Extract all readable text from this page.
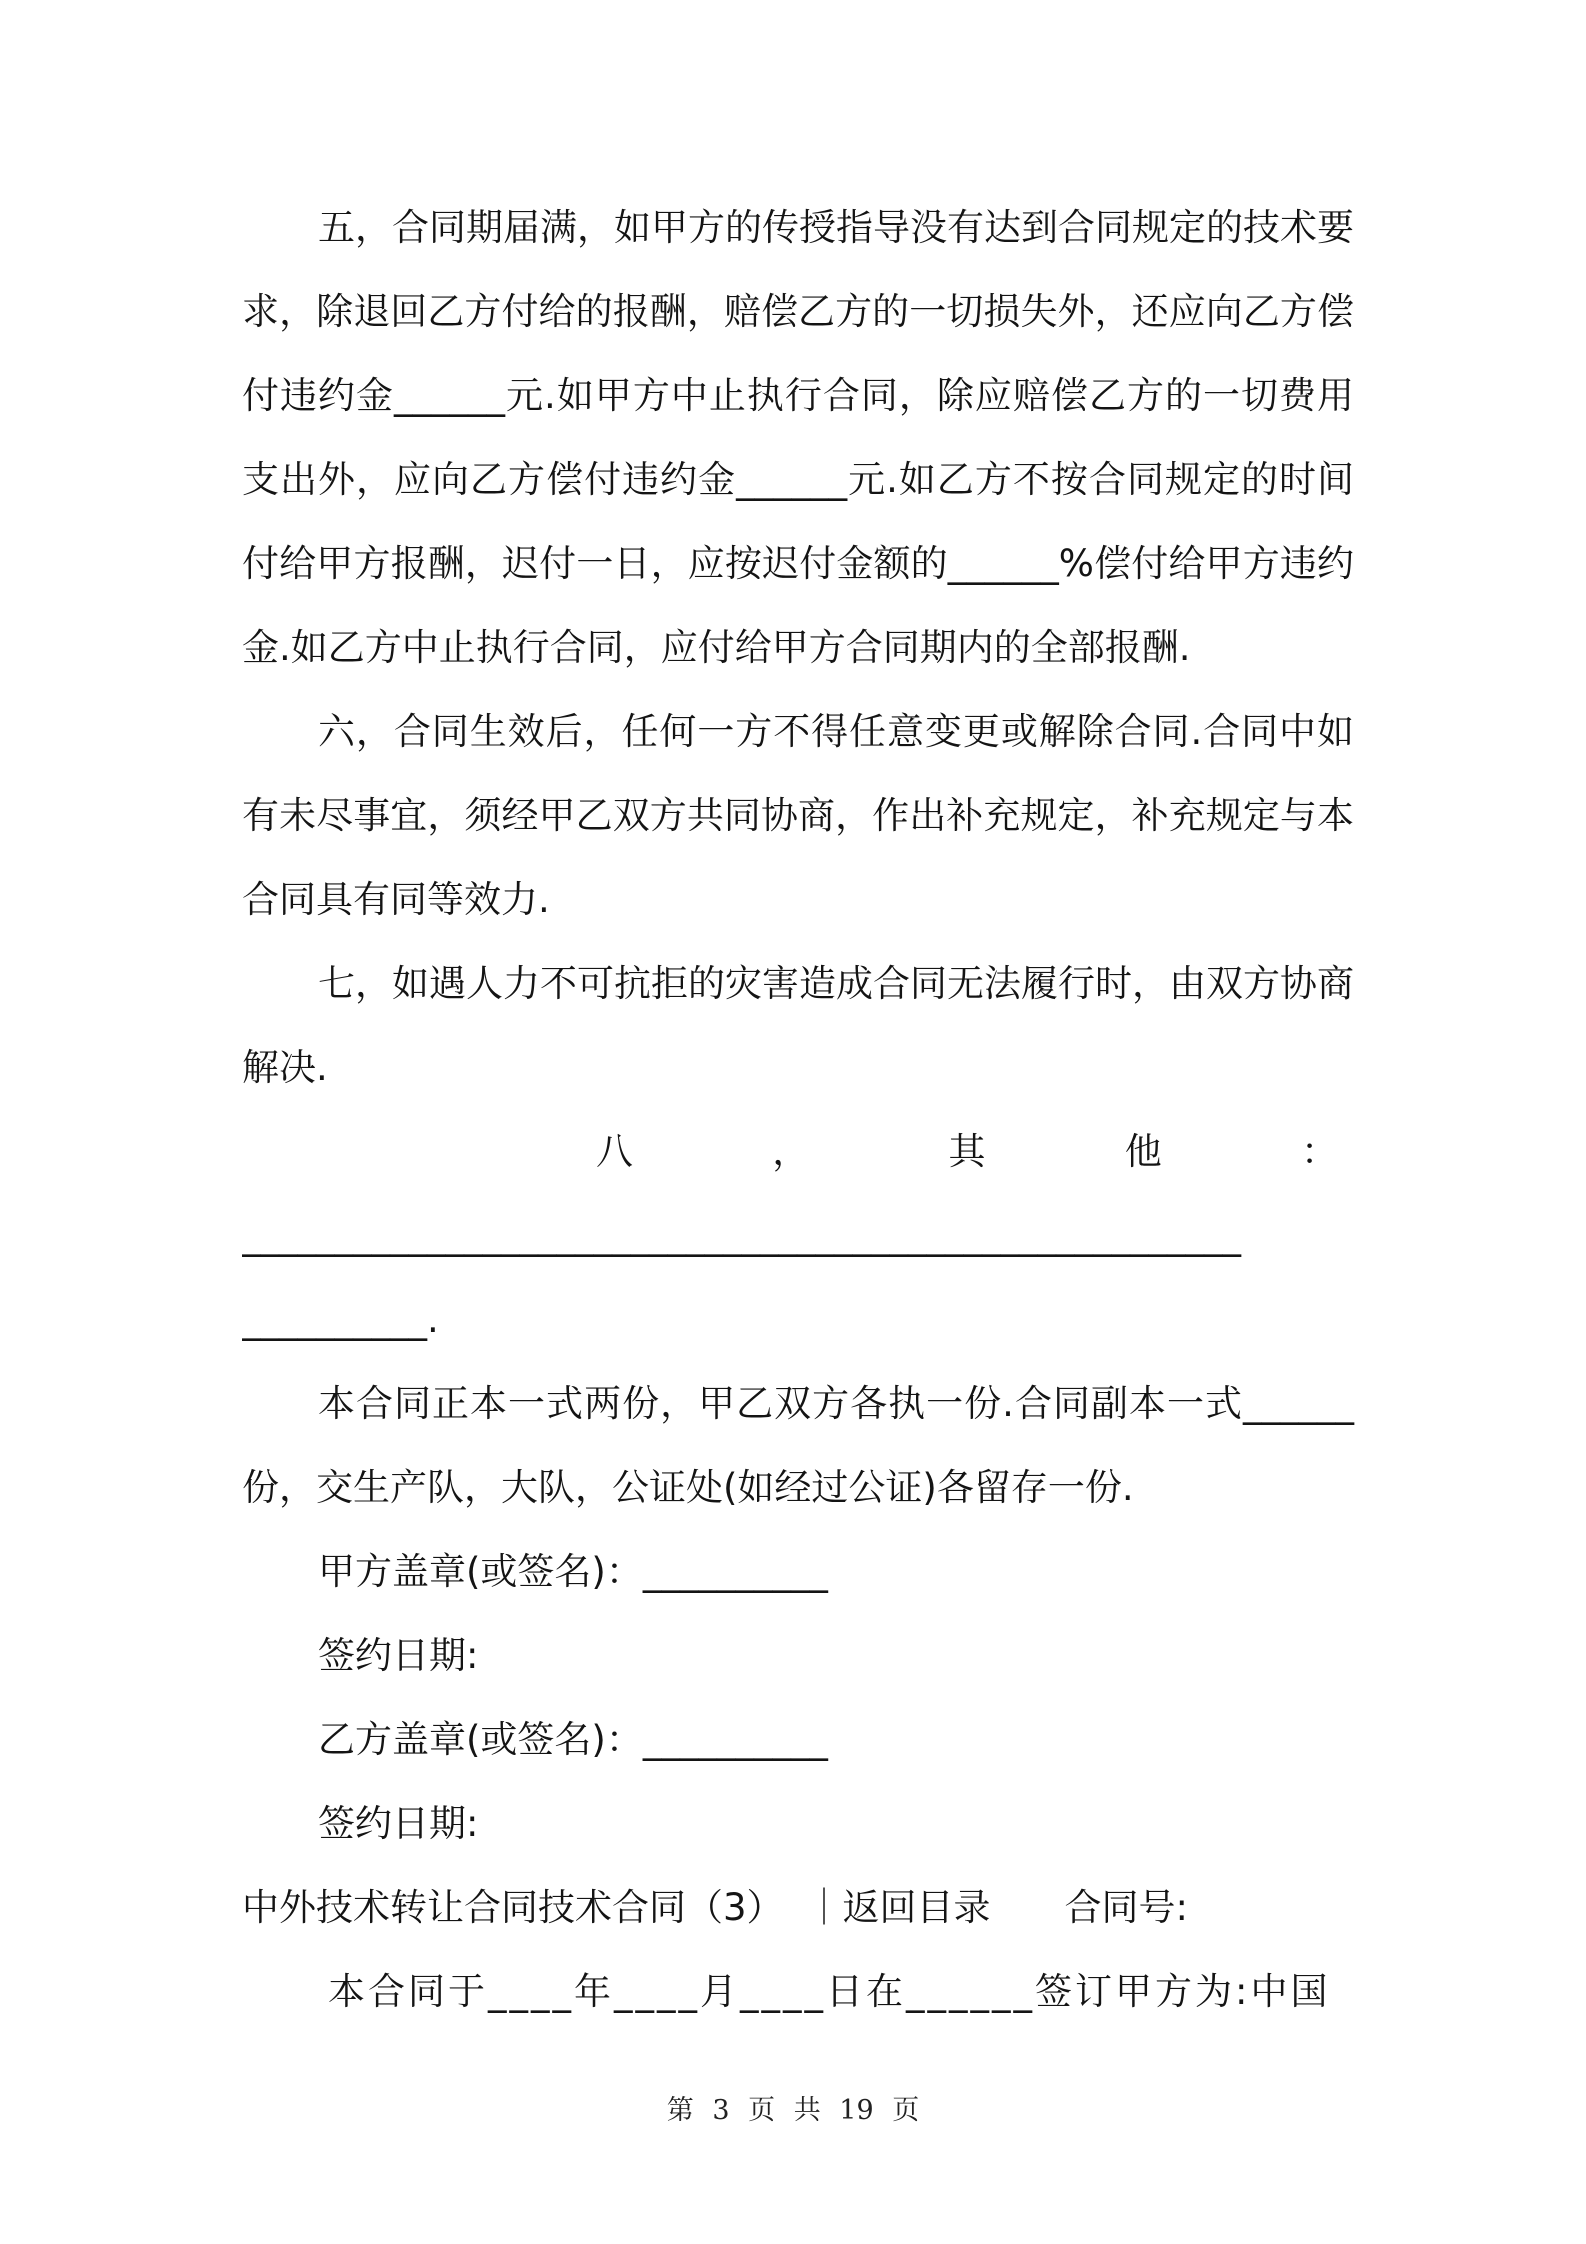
五，合同期届满，如甲方的传授指导没有达到合同规定的技术要求，除退回乙方付给的报酬，赔偿乙方的一切损失外，还应向乙方偿付违约金______元.如甲方中止执行合同，除应赔偿乙方的一切费用支出外，应向乙方偿付违约金______元.如乙方不按合同规定的时间付给甲方报酬，迟付一日，应按迟付金额的______%偿付给甲方违约金.如乙方中止执行合同，应付给甲方合同期内的全部报酬.

六，合同生效后，任何一方不得任意变更或解除合同.合同中如有未尽事宜，须经甲乙双方共同协商，作出补充规定，补充规定与本合同具有同等效力.

七，如遇人力不可抗拒的灾害造成合同无法履行时，由双方协商解决.

八	，	其	他	：

______________________________________________________

__________.

本合同正本一式两份，甲乙双方各执一份.合同副本一式______份，交生产队，大队，公证处(如经过公证)各留存一份.

甲方盖章(或签名)：__________

签约日期:

乙方盖章(或签名)：__________

签约日期:

中外技术转让合同技术合同（3） ｜返回目录 合同号:

本合同于____年____月____日在______签订甲方为:中国

第 3 页 共 19 页
